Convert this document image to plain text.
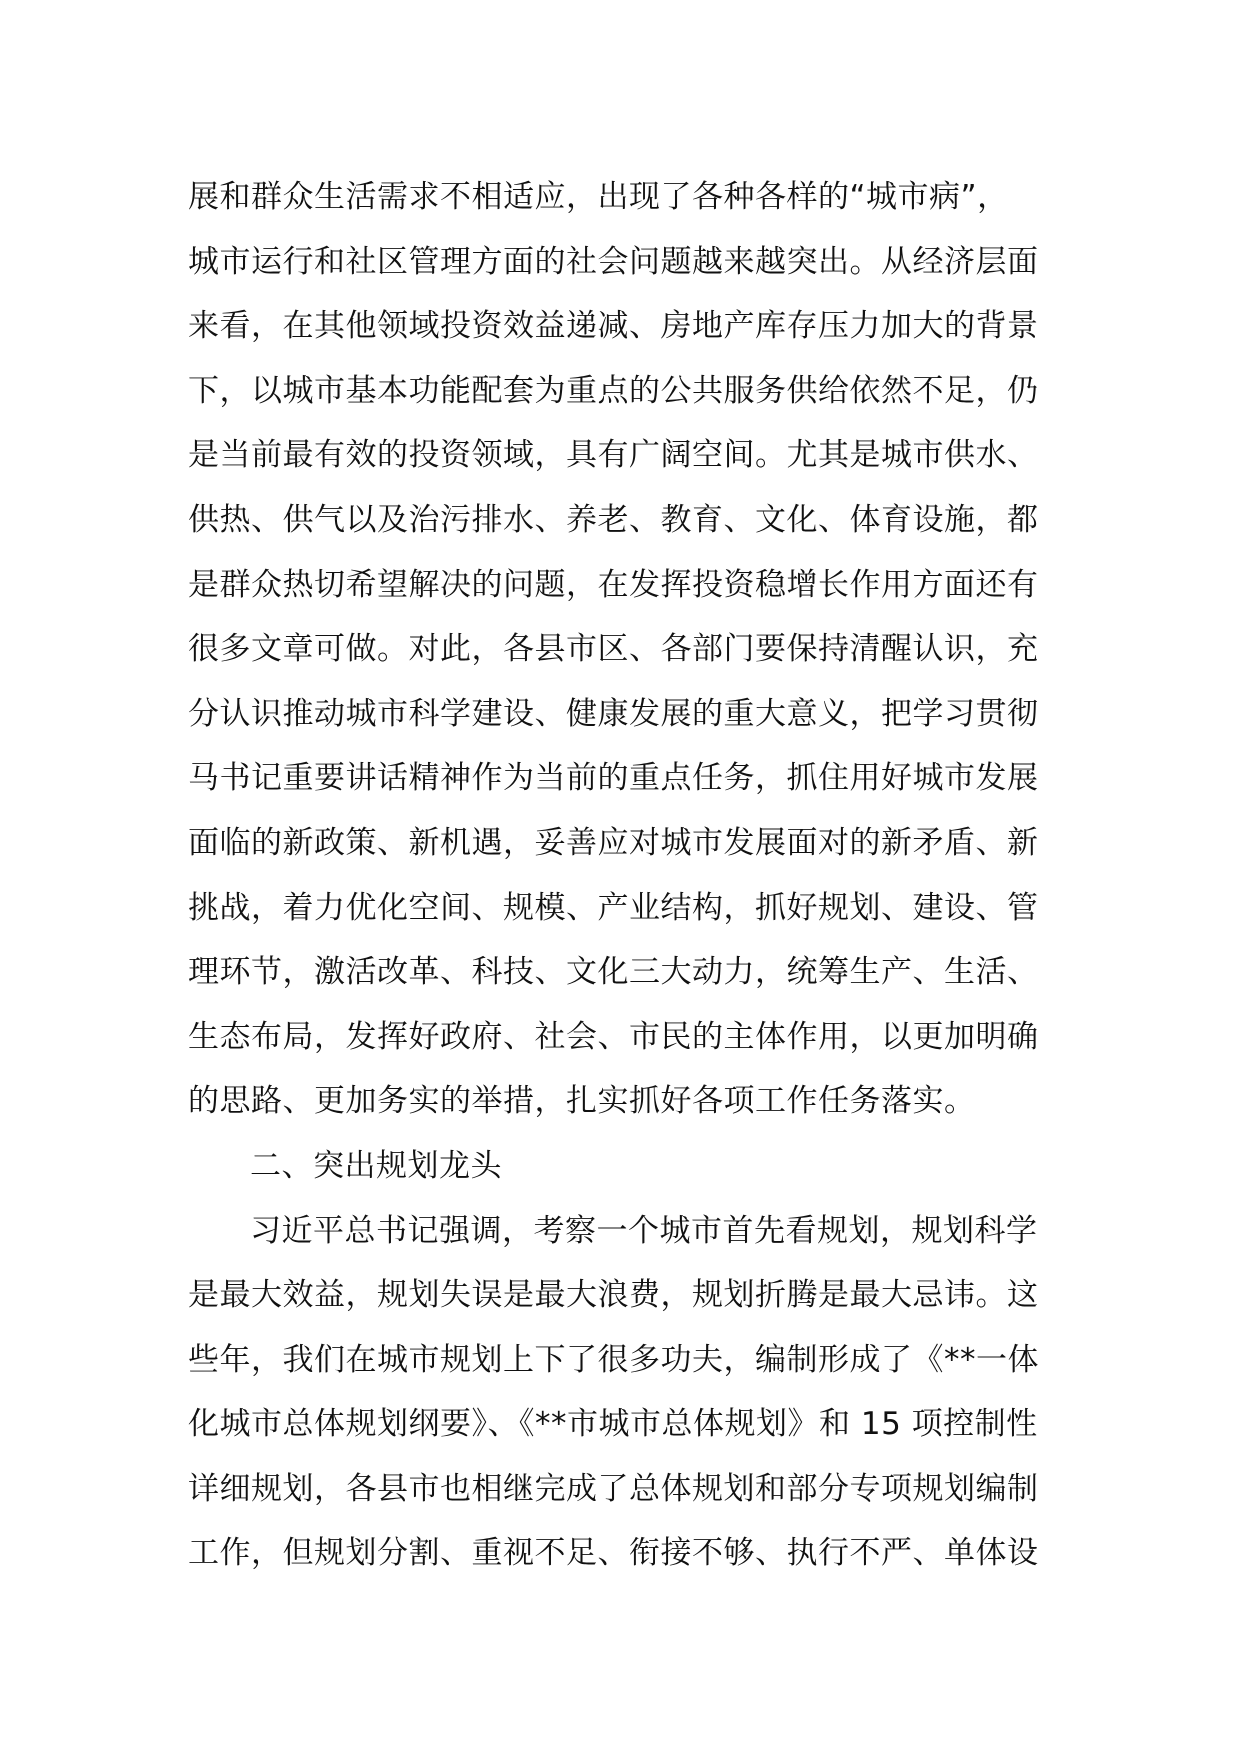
展和群众生活需求不相适应，出现了各种各样的“城市病”，
城市运行和社区管理方面的社会问题越来越突出。从经济层面
来看，在其他领域投资效益递减、房地产库存压力加大的背景
下，以城市基本功能配套为重点的公共服务供给依然不足，仍
是当前最有效的投资领域，具有广阔空间。尤其是城市供水、
供热、供气以及治污排水、养老、教育、文化、体育设施，都
是群众热切希望解决的问题，在发挥投资稳增长作用方面还有
很多文章可做。对此，各县市区、各部门要保持清醒认识，充
分认识推动城市科学建设、健康发展的重大意义，把学习贯彻
马书记重要讲话精神作为当前的重点任务，抓住用好城市发展
面临的新政策、新机遇，妥善应对城市发展面对的新矛盾、新
挑战，着力优化空间、规模、产业结构，抓好规划、建设、管
理环节，激活改革、科技、文化三大动力，统筹生产、生活、
生态布局，发挥好政府、社会、市民的主体作用，以更加明确
的思路、更加务实的举措，扎实抓好各项工作任务落实。
二、突出规划龙头
习近平总书记强调，考察一个城市首先看规划，规划科学
是最大效益，规划失误是最大浪费，规划折腾是最大忌讳。这
些年，我们在城市规划上下了很多功夫，编制形成了《**一体
化城市总体规划纲要》、《**市城市总体规划》和 15 项控制性
详细规划，各县市也相继完成了总体规划和部分专项规划编制
工作，但规划分割、重视不足、衔接不够、执行不严、单体设
